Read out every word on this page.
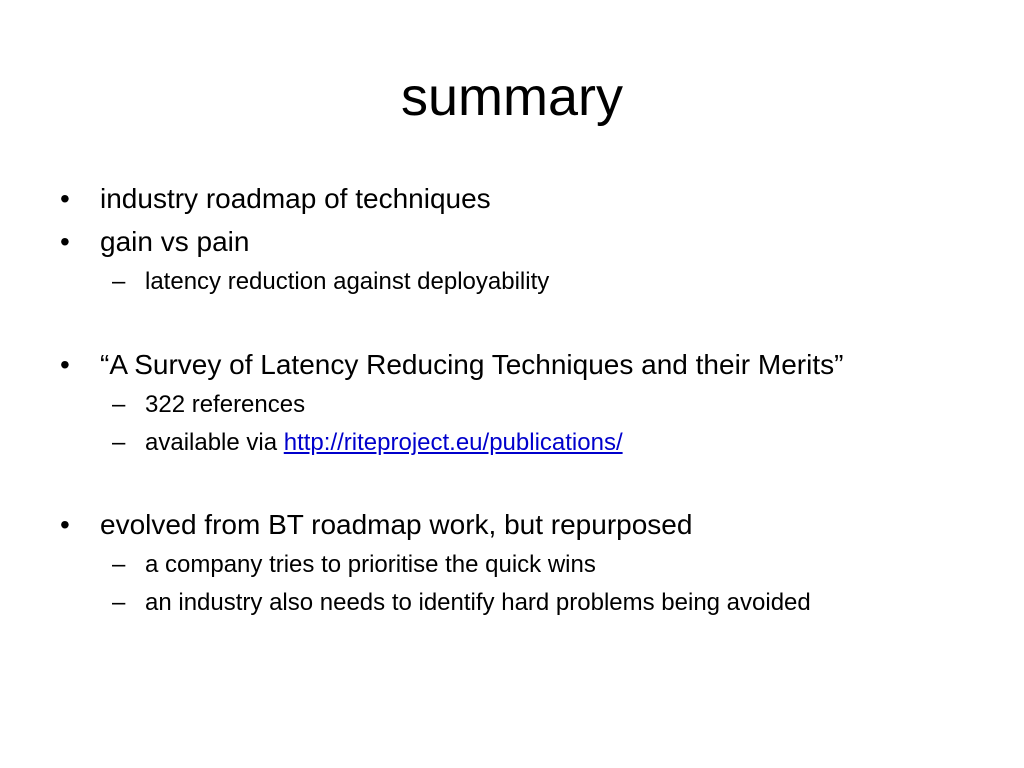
summary
• industry roadmap of techniques

• gain vs pain

– latency reduction against deployability

• “A Survey of Latency Reducing Techniques and their Merits”

– 322 references

– available via http://riteproject.eu/publications/

• evolved from BT roadmap work, but repurposed

– a company tries to prioritise the quick wins

– an industry also needs to identify hard problems being avoided
